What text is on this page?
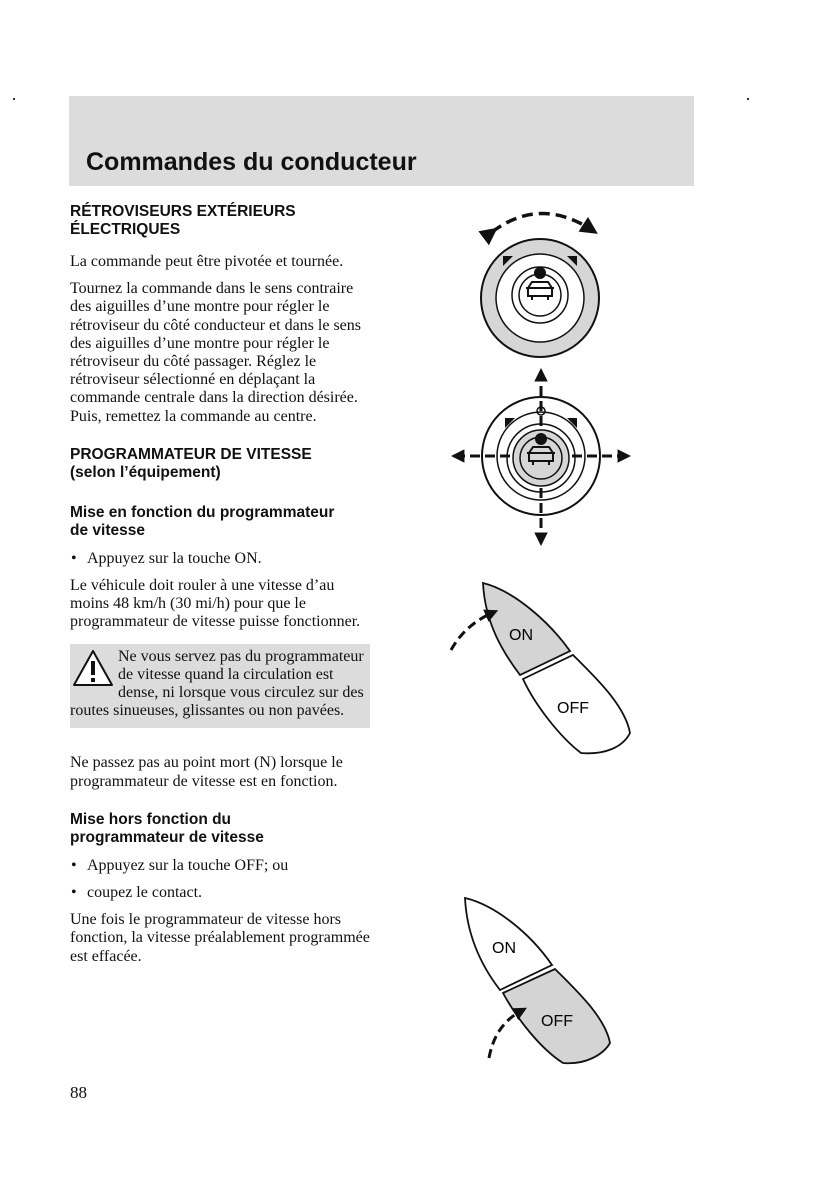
Commandes du conducteur
RÉTROVISEURS EXTÉRIEURS
ÉLECTRIQUES

La commande peut être pivotée et tournée.

Tournez la commande dans le sens contraire des aiguilles d’une montre pour régler le rétroviseur du côté conducteur et dans le sens des aiguilles d’une montre pour régler le rétroviseur du côté passager. Réglez le rétroviseur sélectionné en déplaçant la commande centrale dans la direction désirée. Puis, remettez la commande au centre.

PROGRAMMATEUR DE VITESSE
(selon l’équipement)
Mise en fonction du programmateur
de vitesse
• Appuyez sur la touche ON.

Le véhicule doit rouler à une vitesse d’au moins 48 km/h (30 mi/h) pour que le programmateur de vitesse puisse fonctionner.

Ne vous servez pas du programmateur de vitesse quand la circulation est dense, ni lorsque vous circulez sur des routes sinueuses, glissantes ou non pavées.

Ne passez pas au point mort (N) lorsque le programmateur de vitesse est en fonction.

Mise hors fonction du
programmateur de vitesse
• Appuyez sur la touche OFF; ou
• coupez le contact.

Une fois le programmateur de vitesse hors fonction, la vitesse préalablement programmée est effacée.

ON
OFF
ON
OFF
88
